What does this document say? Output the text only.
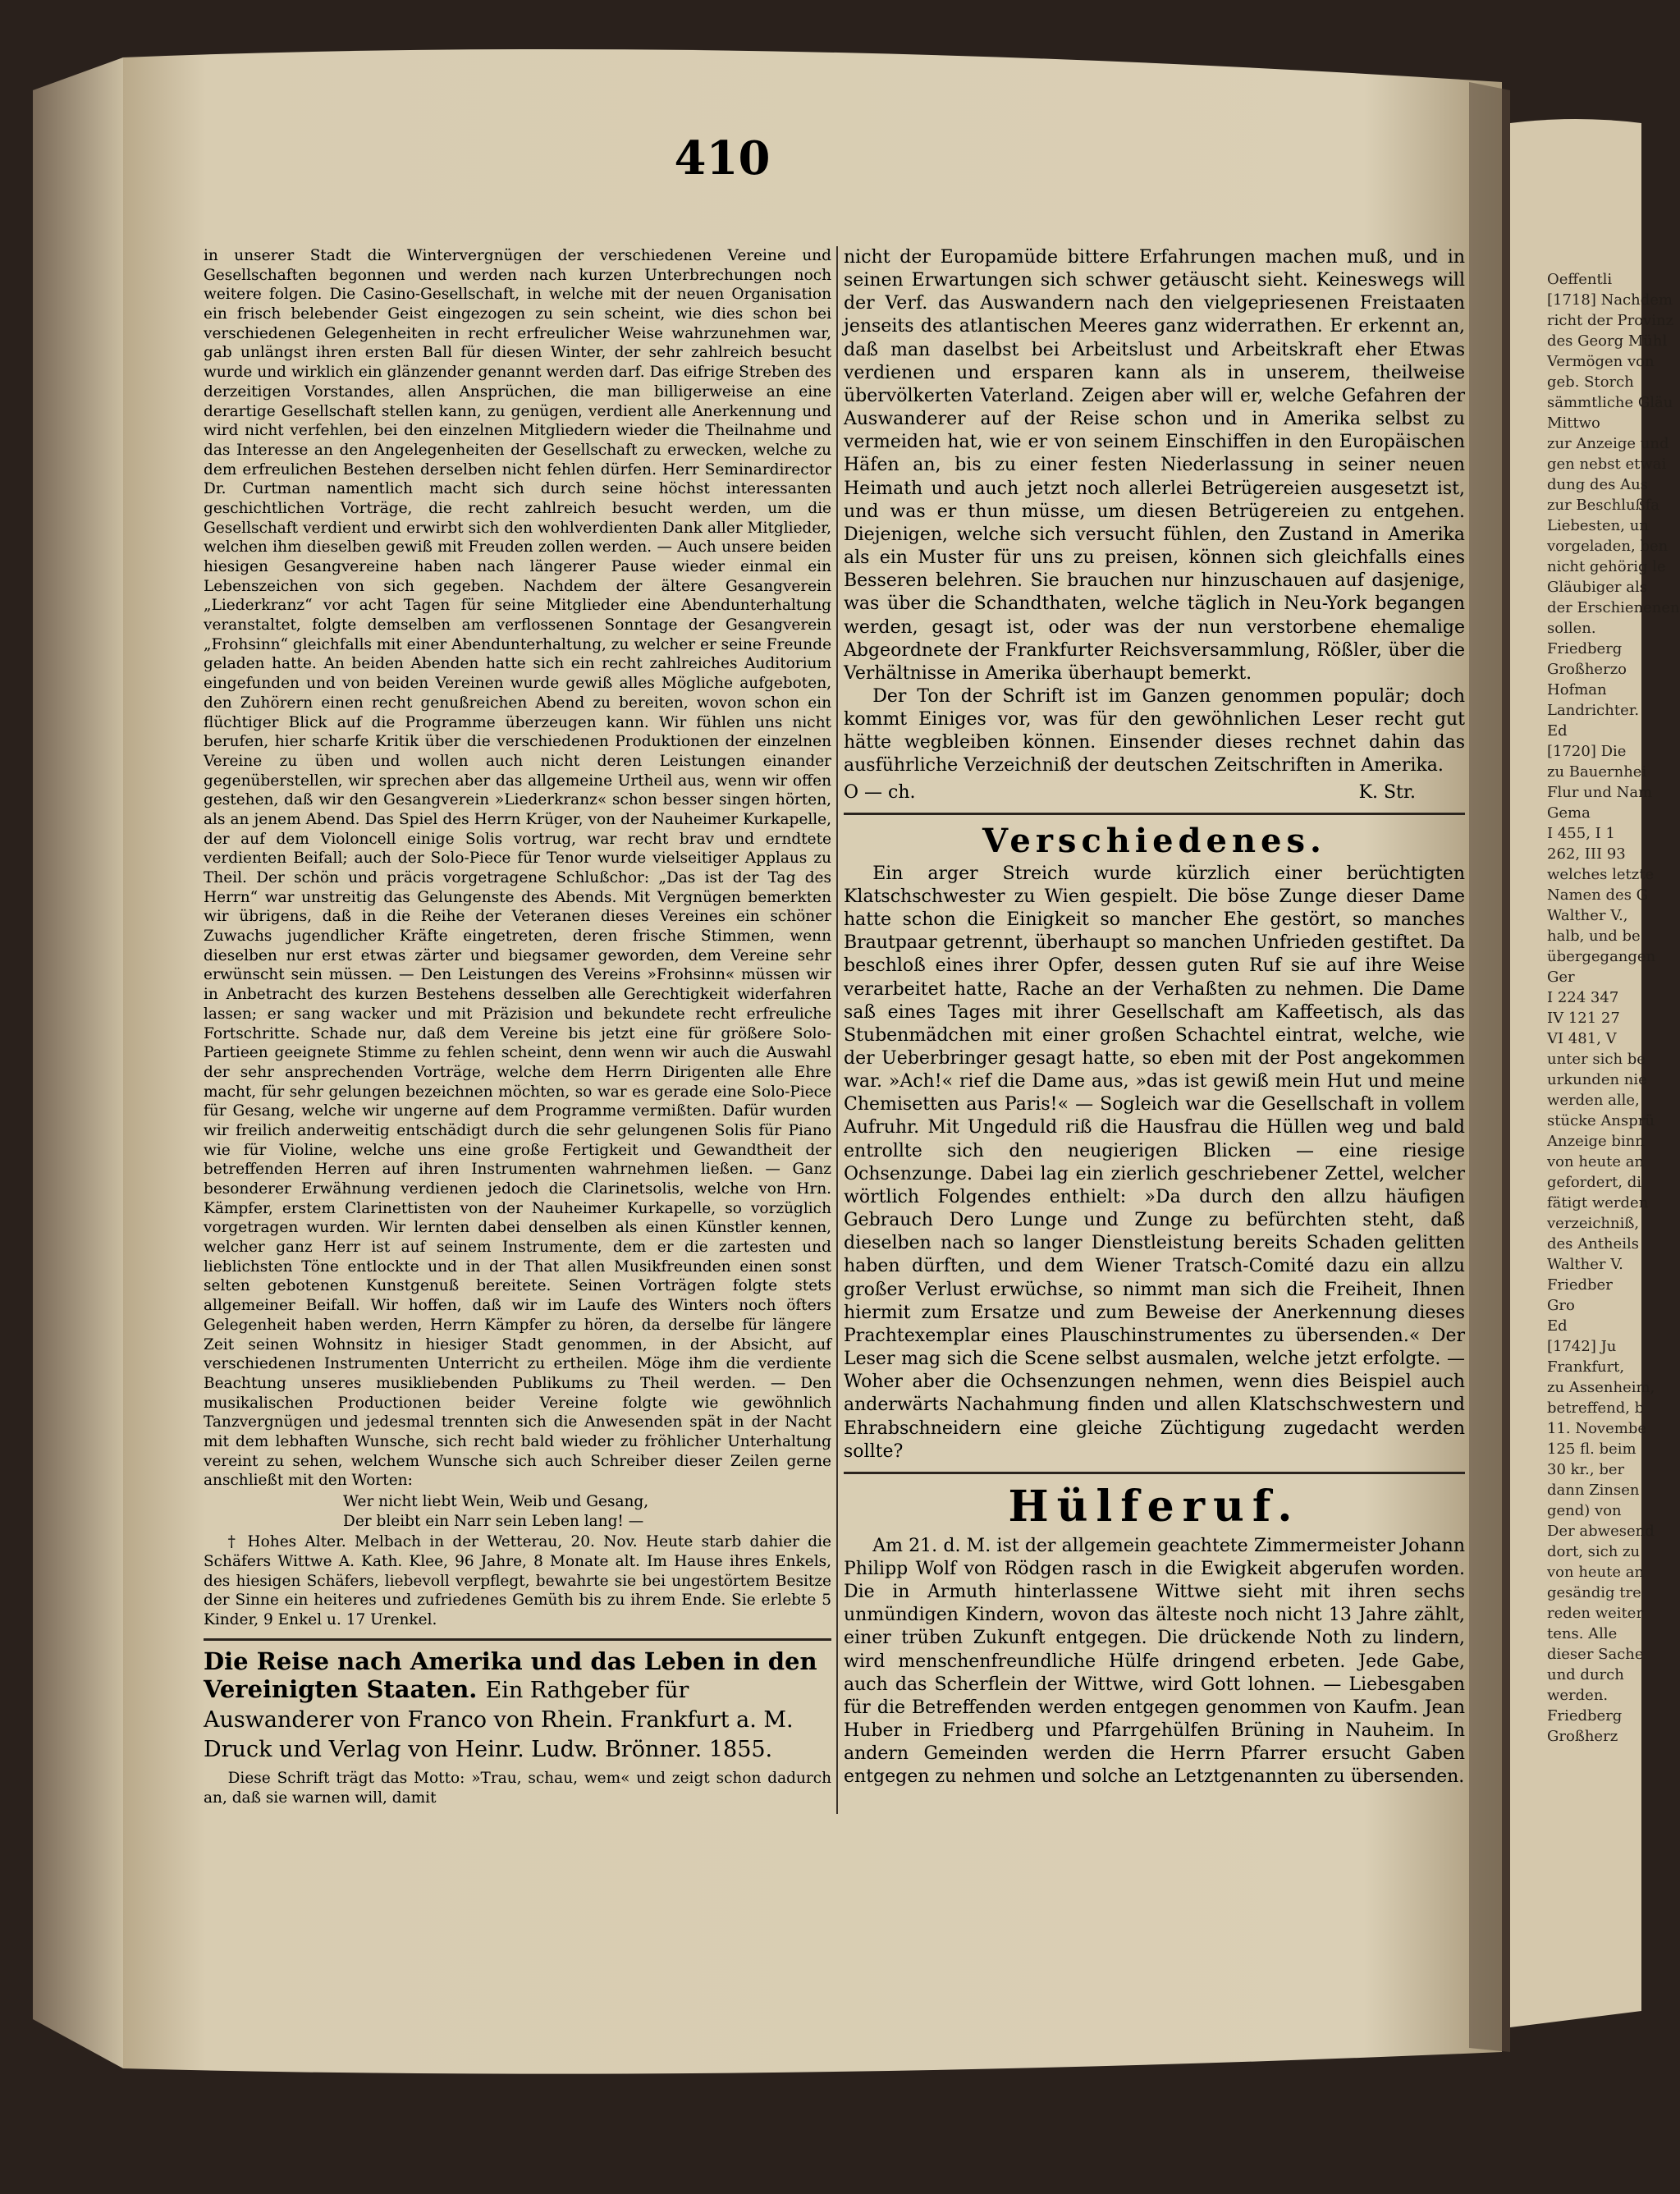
410

in unserer Stadt die Wintervergnügen der verschiedenen Vereine und Gesellschaften begonnen und werden nach kurzen Unterbrechungen noch weitere folgen. Die Casino-Gesellschaft, in welche mit der neuen Organisation ein frisch belebender Geist eingezogen zu sein scheint, wie dies schon bei verschiedenen Gelegenheiten in recht erfreulicher Weise wahrzunehmen war, gab unlängst ihren ersten Ball für diesen Winter, der sehr zahlreich besucht wurde und wirklich ein glänzender genannt werden darf. Das eifrige Streben des derzeitigen Vorstandes, allen Ansprüchen, die man billigerweise an eine derartige Gesellschaft stellen kann, zu genügen, verdient alle Anerkennung und wird nicht verfehlen, bei den einzelnen Mitgliedern wieder die Theilnahme und das Interesse an den Angelegenheiten der Gesellschaft zu erwecken, welche zu dem erfreulichen Bestehen derselben nicht fehlen dürfen. Herr Seminardirector Dr. Curtman namentlich macht sich durch seine höchst interessanten geschichtlichen Vorträge, die recht zahlreich besucht werden, um die Gesellschaft verdient und erwirbt sich den wohlverdienten Dank aller Mitglieder, welchen ihm dieselben gewiß mit Freuden zollen werden. — Auch unsere beiden hiesigen Gesangvereine haben nach längerer Pause wieder einmal ein Lebenszeichen von sich gegeben. Nachdem der ältere Gesangverein „Liederkranz“ vor acht Tagen für seine Mitglieder eine Abendunterhaltung veranstaltet, folgte demselben am verflossenen Sonntage der Gesangverein „Frohsinn“ gleichfalls mit einer Abendunterhaltung, zu welcher er seine Freunde geladen hatte. An beiden Abenden hatte sich ein recht zahlreiches Auditorium eingefunden und von beiden Vereinen wurde gewiß alles Mögliche aufgeboten, den Zuhörern einen recht genußreichen Abend zu bereiten, wovon schon ein flüchtiger Blick auf die Programme überzeugen kann. Wir fühlen uns nicht berufen, hier scharfe Kritik über die verschiedenen Produktionen der einzelnen Vereine zu üben und wollen auch nicht deren Leistungen einander gegenüberstellen, wir sprechen aber das allgemeine Urtheil aus, wenn wir offen gestehen, daß wir den Gesangverein »Liederkranz« schon besser singen hörten, als an jenem Abend. Das Spiel des Herrn Krüger, von der Nauheimer Kurkapelle, der auf dem Violoncell einige Solis vortrug, war recht brav und erndtete verdienten Beifall; auch der Solo-Piece für Tenor wurde vielseitiger Applaus zu Theil. Der schön und präcis vorgetragene Schlußchor: „Das ist der Tag des Herrn“ war unstreitig das Gelungenste des Abends. Mit Vergnügen bemerkten wir übrigens, daß in die Reihe der Veteranen dieses Vereines ein schöner Zuwachs jugendlicher Kräfte eingetreten, deren frische Stimmen, wenn dieselben nur erst etwas zärter und biegsamer geworden, dem Vereine sehr erwünscht sein müssen. — Den Leistungen des Vereins »Frohsinn« müssen wir in Anbetracht des kurzen Bestehens desselben alle Gerechtigkeit widerfahren lassen; er sang wacker und mit Präzision und bekundete recht erfreuliche Fortschritte. Schade nur, daß dem Vereine bis jetzt eine für größere Solo-Partieen geeignete Stimme zu fehlen scheint, denn wenn wir auch die Auswahl der sehr ansprechenden Vorträge, welche dem Herrn Dirigenten alle Ehre macht, für sehr gelungen bezeichnen möchten, so war es gerade eine Solo-Piece für Gesang, welche wir ungerne auf dem Programme vermißten. Dafür wurden wir freilich anderweitig entschädigt durch die sehr gelungenen Solis für Piano wie für Violine, welche uns eine große Fertigkeit und Gewandtheit der betreffenden Herren auf ihren Instrumenten wahrnehmen ließen. — Ganz besonderer Erwähnung verdienen jedoch die Clarinetsolis, welche von Hrn. Kämpfer, erstem Clarinettisten von der Nauheimer Kurkapelle, so vorzüglich vorgetragen wurden. Wir lernten dabei denselben als einen Künstler kennen, welcher ganz Herr ist auf seinem Instrumente, dem er die zartesten und lieblichsten Töne entlockte und in der That allen Musikfreunden einen sonst selten gebotenen Kunstgenuß bereitete. Seinen Vorträgen folgte stets allgemeiner Beifall. Wir hoffen, daß wir im Laufe des Winters noch öfters Gelegenheit haben werden, Herrn Kämpfer zu hören, da derselbe für längere Zeit seinen Wohnsitz in hiesiger Stadt genommen, in der Absicht, auf verschiedenen Instrumenten Unterricht zu ertheilen. Möge ihm die verdiente Beachtung unseres musikliebenden Publikums zu Theil werden. — Den musikalischen Productionen beider Vereine folgte wie gewöhnlich Tanzvergnügen und jedesmal trennten sich die Anwesenden spät in der Nacht mit dem lebhaften Wunsche, sich recht bald wieder zu fröhlicher Unterhaltung vereint zu sehen, welchem Wunsche sich auch Schreiber dieser Zeilen gerne anschließt mit den Worten:

Wer nicht liebt Wein, Weib und Gesang,
Der bleibt ein Narr sein Leben lang! —

† Hohes Alter. Melbach in der Wetterau, 20. Nov. Heute starb dahier die Schäfers Wittwe A. Kath. Klee, 96 Jahre, 8 Monate alt. Im Hause ihres Enkels, des hiesigen Schäfers, liebevoll verpflegt, bewahrte sie bei ungestörtem Besitze der Sinne ein heiteres und zufriedenes Gemüth bis zu ihrem Ende. Sie erlebte 5 Kinder, 9 Enkel u. 17 Urenkel.

Die Reise nach Amerika und das Leben in den Vereinigten Staaten. Ein Rathgeber für Auswanderer von Franco von Rhein. Frankfurt a. M. Druck und Verlag von Heinr. Ludw. Brönner. 1855.

Diese Schrift trägt das Motto: »Trau, schau, wem« und zeigt schon dadurch an, daß sie warnen will, damit

nicht der Europamüde bittere Erfahrungen machen muß, und in seinen Erwartungen sich schwer getäuscht sieht. Keineswegs will der Verf. das Auswandern nach den vielgepriesenen Freistaaten jenseits des atlantischen Meeres ganz widerrathen. Er erkennt an, daß man daselbst bei Arbeitslust und Arbeitskraft eher Etwas verdienen und ersparen kann als in unserem, theilweise übervölkerten Vaterland. Zeigen aber will er, welche Gefahren der Auswanderer auf der Reise schon und in Amerika selbst zu vermeiden hat, wie er von seinem Einschiffen in den Europäischen Häfen an, bis zu einer festen Niederlassung in seiner neuen Heimath und auch jetzt noch allerlei Betrügereien ausgesetzt ist, und was er thun müsse, um diesen Betrügereien zu entgehen. Diejenigen, welche sich versucht fühlen, den Zustand in Amerika als ein Muster für uns zu preisen, können sich gleichfalls eines Besseren belehren. Sie brauchen nur hinzuschauen auf dasjenige, was über die Schandthaten, welche täglich in Neu-York begangen werden, gesagt ist, oder was der nun verstorbene ehemalige Abgeordnete der Frankfurter Reichsversammlung, Rößler, über die Verhältnisse in Amerika überhaupt bemerkt.

Der Ton der Schrift ist im Ganzen genommen populär; doch kommt Einiges vor, was für den gewöhnlichen Leser recht gut hätte wegbleiben können. Einsender dieses rechnet dahin das ausführliche Verzeichniß der deutschen Zeitschriften in Amerika.

O — ch.	K. Str.
Verschiedenes.

Ein arger Streich wurde kürzlich einer berüchtigten Klatschschwester zu Wien gespielt. Die böse Zunge dieser Dame hatte schon die Einigkeit so mancher Ehe gestört, so manches Brautpaar getrennt, überhaupt so manchen Unfrieden gestiftet. Da beschloß eines ihrer Opfer, dessen guten Ruf sie auf ihre Weise verarbeitet hatte, Rache an der Verhaßten zu nehmen. Die Dame saß eines Tages mit ihrer Gesellschaft am Kaffeetisch, als das Stubenmädchen mit einer großen Schachtel eintrat, welche, wie der Ueberbringer gesagt hatte, so eben mit der Post angekommen war. »Ach!« rief die Dame aus, »das ist gewiß mein Hut und meine Chemisetten aus Paris!« — Sogleich war die Gesellschaft in vollem Aufruhr. Mit Ungeduld riß die Hausfrau die Hüllen weg und bald entrollte sich den neugierigen Blicken — eine riesige Ochsenzunge. Dabei lag ein zierlich geschriebener Zettel, welcher wörtlich Folgendes enthielt: »Da durch den allzu häufigen Gebrauch Dero Lunge und Zunge zu befürchten steht, daß dieselben nach so langer Dienstleistung bereits Schaden gelitten haben dürften, und dem Wiener Tratsch-Comité dazu ein allzu großer Verlust erwüchse, so nimmt man sich die Freiheit, Ihnen hiermit zum Ersatze und zum Beweise der Anerkennung dieses Prachtexemplar eines Plauschinstrumentes zu übersenden.« Der Leser mag sich die Scene selbst ausmalen, welche jetzt erfolgte. — Woher aber die Ochsenzungen nehmen, wenn dies Beispiel auch anderwärts Nachahmung finden und allen Klatschschwestern und Ehrabschneidern eine gleiche Züchtigung zugedacht werden sollte?

Hülferuf.

Am 21. d. M. ist der allgemein geachtete Zimmermeister Johann Philipp Wolf von Rödgen rasch in die Ewigkeit abgerufen worden. Die in Armuth hinterlassene Wittwe sieht mit ihren sechs unmündigen Kindern, wovon das älteste noch nicht 13 Jahre zählt, einer trüben Zukunft entgegen. Die drückende Noth zu lindern, wird menschenfreundliche Hülfe dringend erbeten. Jede Gabe, auch das Scherflein der Wittwe, wird Gott lohnen. — Liebesgaben für die Betreffenden werden entgegen genommen von Kaufm. Jean Huber in Friedberg und Pfarrgehülfen Brüning in Nauheim. In andern Gemeinden werden die Herrn Pfarrer ersucht Gaben entgegen zu nehmen und solche an Letztgenannten zu übersenden.

Oeffentli
[1718] Nachdem
richt der Provinz
des Georg Mühl
Vermögen von
geb. Storch
sämmtliche Gläu
Mittwo
zur Anzeige und
gen nebst etwai
dung des Aus
zur Beschlußfa
Liebesten, un
vorgeladen, ben
nicht gehörig le
Gläubiger als
der Erschienenen
sollen.
Friedberg
Großherzo
Hofman
Landrichter.
Ed
[1720] Die
zu Bauernhei
Flur und Nam
Gema
I 455, I 1
262, III 93
welches letzte
Namen des G
Walther V.,
halb, und be
übergegangen
Ger
I 224 347
IV 121 27
VI 481, V
unter sich be
urkunden nie
werden alle,
stücke Ansprü
Anzeige binn
von heute an
gefordert, di
fätigt werden
verzeichniß,
des Antheils
Walther V.
Friedber
Gro
Ed
[1742] Ju
Frankfurt,
zu Assenheim,
betreffend, b
11. Novembe
125 fl. beim
30 kr., ber
dann Zinsen
gend) von
Der abwesend
dort, sich zu
von heute an
gesändig tre
reden weiter
tens. Alle
dieser Sache
und durch
werden.
Friedberg
Großherz
